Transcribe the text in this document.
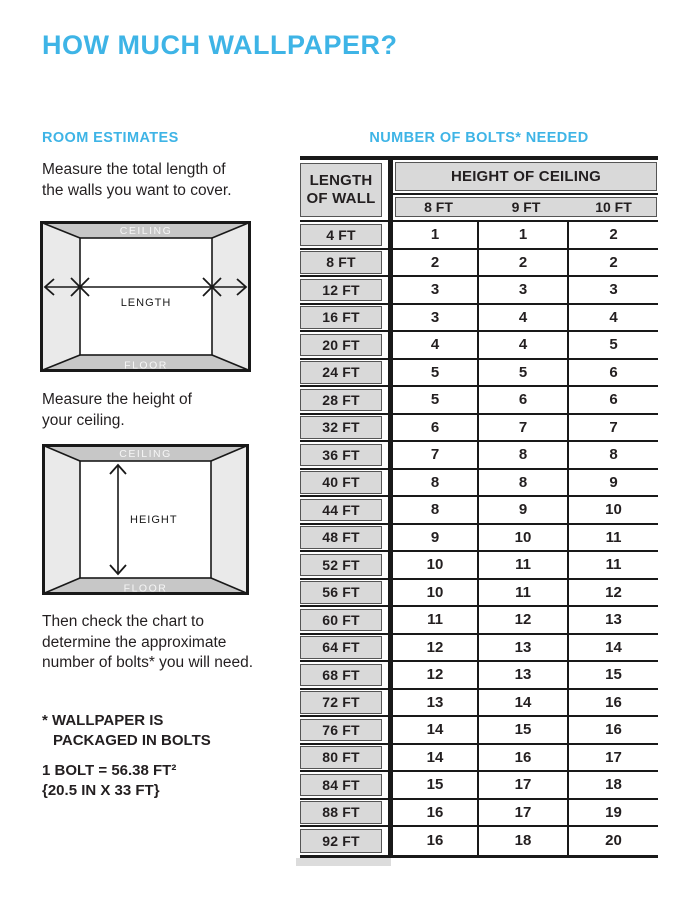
HOW MUCH WALLPAPER?
ROOM ESTIMATES
Measure the total length of
the walls you want to cover.
CEILING
LENGTH
FLOOR
Measure the height of
your ceiling.
CEILING
HEIGHT
FLOOR
Then check the chart to
determine the approximate
number of bolts* you will need.
* WALLPAPER IS
PACKAGED IN BOLTS
1 BOLT = 56.38 FT²
{20.5 IN X 33 FT}
NUMBER OF BOLTS* NEEDED
LENGTH
OF WALL
HEIGHT OF CEILING
8 FT	9 FT	10 FT
4 FT	1	1	2
8 FT	2	2	2
12 FT	3	3	3
16 FT	3	4	4
20 FT	4	4	5
24 FT	5	5	6
28 FT	5	6	6
32 FT	6	7	7
36 FT	7	8	8
40 FT	8	8	9
44 FT	8	9	10
48 FT	9	10	11
52 FT	10	11	11
56 FT	10	11	12
60 FT	11	12	13
64 FT	12	13	14
68 FT	12	13	15
72 FT	13	14	16
76 FT	14	15	16
80 FT	14	16	17
84 FT	15	17	18
88 FT	16	17	19
92 FT	16	18	20
